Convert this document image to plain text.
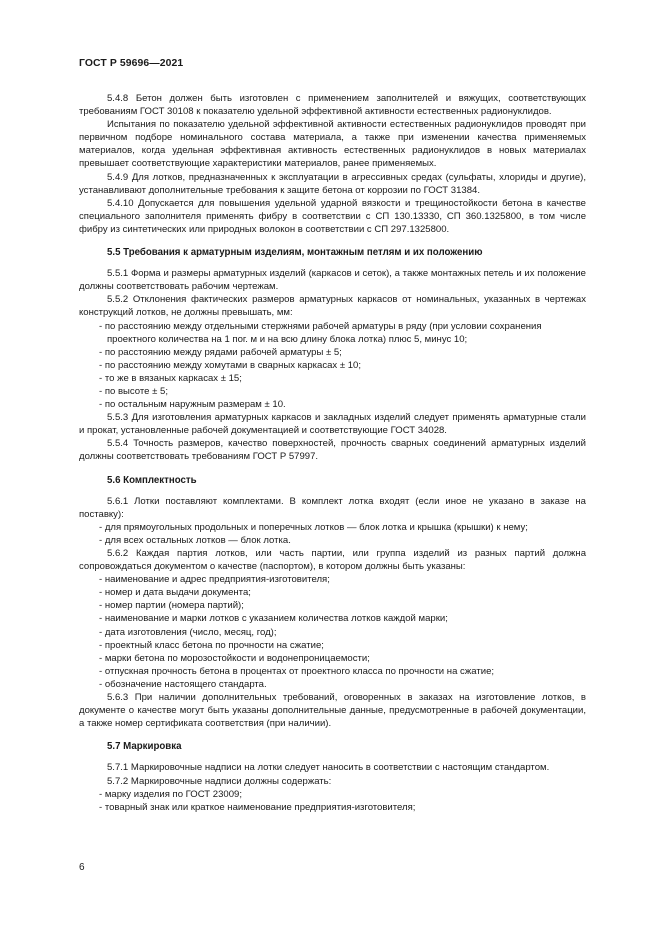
ГОСТ Р 59696—2021
5.4.8 Бетон должен быть изготовлен с применением заполнителей и вяжущих, соответствующих требованиям ГОСТ 30108 к показателю удельной эффективной активности естественных радионуклидов.
Испытания по показателю удельной эффективной активности естественных радионуклидов проводят при первичном подборе номинального состава материала, а также при изменении качества применяемых материалов, когда удельная эффективная активность естественных радионуклидов в новых материалах превышает соответствующие характеристики материалов, ранее применяемых.
5.4.9 Для лотков, предназначенных к эксплуатации в агрессивных средах (сульфаты, хлориды и другие), устанавливают дополнительные требования к защите бетона от коррозии по ГОСТ 31384.
5.4.10 Допускается для повышения удельной ударной вязкости и трещиностойкости бетона в качестве специального заполнителя применять фибру в соответствии с СП 130.13330, СП 360.1325800, в том числе фибру из синтетических или природных волокон в соответствии с СП 297.1325800.
5.5 Требования к арматурным изделиям, монтажным петлям и их положению
5.5.1 Форма и размеры арматурных изделий (каркасов и сеток), а также монтажных петель и их положение должны соответствовать рабочим чертежам.
5.5.2 Отклонения фактических размеров арматурных каркасов от номинальных, указанных в чертежах конструкций лотков, не должны превышать, мм:
- по расстоянию между отдельными стержнями рабочей арматуры в ряду (при условии сохранения проектного количества на 1 пог. м и на всю длину блока лотка) плюс 5, минус 10;
- по расстоянию между рядами рабочей арматуры ± 5;
- по расстоянию между хомутами в сварных каркасах ± 10;
- то же в вязаных каркасах ± 15;
- по высоте ± 5;
- по остальным наружным размерам ± 10.
5.5.3 Для изготовления арматурных каркасов и закладных изделий следует применять арматурные стали и прокат, установленные рабочей документацией и соответствующие ГОСТ 34028.
5.5.4 Точность размеров, качество поверхностей, прочность сварных соединений арматурных изделий должны соответствовать требованиям ГОСТ Р 57997.
5.6 Комплектность
5.6.1 Лотки поставляют комплектами. В комплект лотка входят (если иное не указано в заказе на поставку):
- для прямоугольных продольных и поперечных лотков — блок лотка и крышка (крышки) к нему;
- для всех остальных лотков — блок лотка.
5.6.2 Каждая партия лотков, или часть партии, или группа изделий из разных партий должна сопровождаться документом о качестве (паспортом), в котором должны быть указаны:
- наименование и адрес предприятия-изготовителя;
- номер и дата выдачи документа;
- номер партии (номера партий);
- наименование и марки лотков с указанием количества лотков каждой марки;
- дата изготовления (число, месяц, год);
- проектный класс бетона по прочности на сжатие;
- марки бетона по морозостойкости и водонепроницаемости;
- отпускная прочность бетона в процентах от проектного класса по прочности на сжатие;
- обозначение настоящего стандарта.
5.6.3 При наличии дополнительных требований, оговоренных в заказах на изготовление лотков, в документе о качестве могут быть указаны дополнительные данные, предусмотренные в рабочей документации, а также номер сертификата соответствия (при наличии).
5.7 Маркировка
5.7.1 Маркировочные надписи на лотки следует наносить в соответствии с настоящим стандартом.
5.7.2 Маркировочные надписи должны содержать:
- марку изделия по ГОСТ 23009;
- товарный знак или краткое наименование предприятия-изготовителя;
6
